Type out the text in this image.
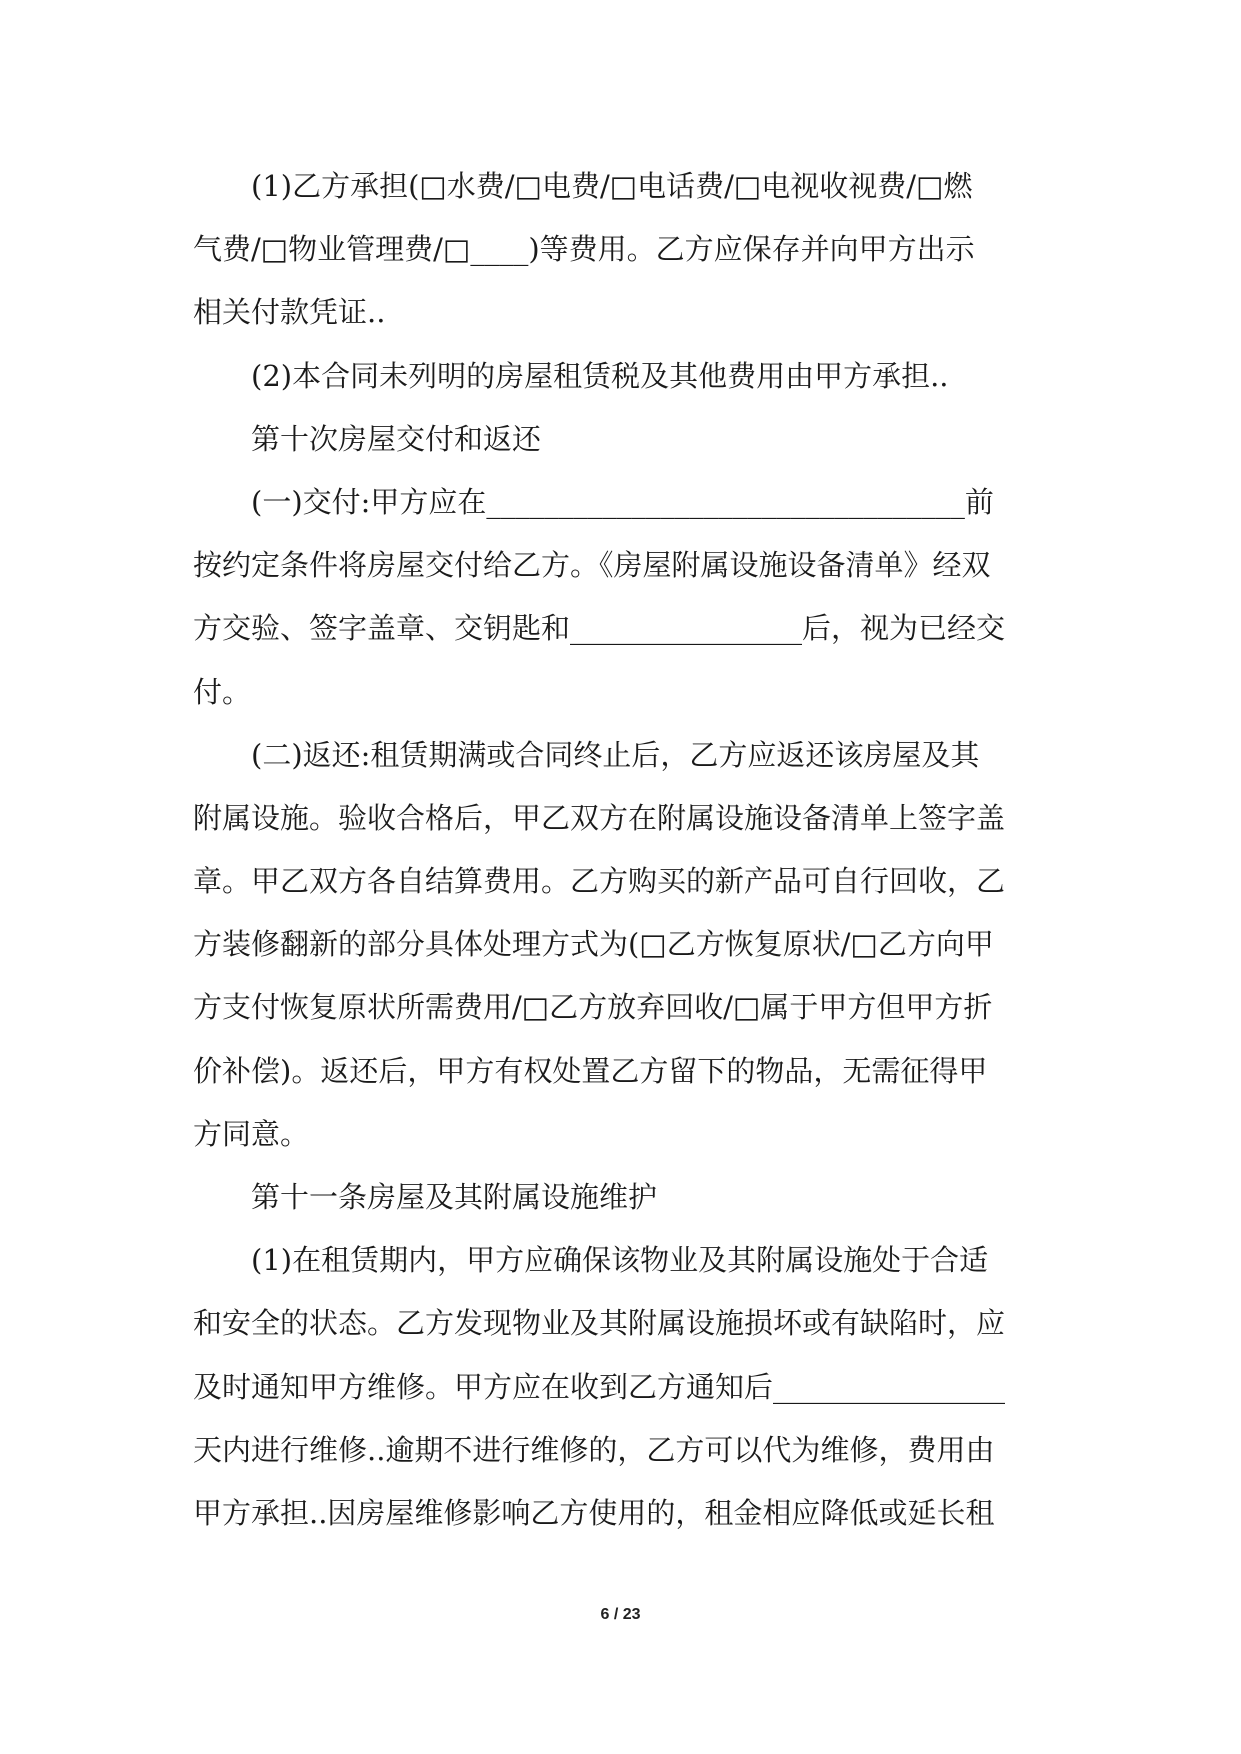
(1)乙方承担(□水费/□电费/□电话费/□电视收视费/□燃
气费/□物业管理费/□____)等费用。乙方应保存并向甲方出示
相关付款凭证..
(2)本合同未列明的房屋租赁税及其他费用由甲方承担..
第十次房屋交付和返还
(一)交付:甲方应在_________________________________前
按约定条件将房屋交付给乙方。《房屋附属设施设备清单》经双
方交验、签字盖章、交钥匙和________________后，视为已经交
付。
(二)返还:租赁期满或合同终止后，乙方应返还该房屋及其
附属设施。验收合格后，甲乙双方在附属设施设备清单上签字盖
章。甲乙双方各自结算费用。乙方购买的新产品可自行回收，乙
方装修翻新的部分具体处理方式为(□乙方恢复原状/□乙方向甲
方支付恢复原状所需费用/□乙方放弃回收/□属于甲方但甲方折
价补偿)。返还后，甲方有权处置乙方留下的物品，无需征得甲
方同意。
第十一条房屋及其附属设施维护
(1)在租赁期内，甲方应确保该物业及其附属设施处于合适
和安全的状态。乙方发现物业及其附属设施损坏或有缺陷时，应
及时通知甲方维修。甲方应在收到乙方通知后________________
天内进行维修..逾期不进行维修的，乙方可以代为维修，费用由
甲方承担..因房屋维修影响乙方使用的，租金相应降低或延长租
6 / 23
